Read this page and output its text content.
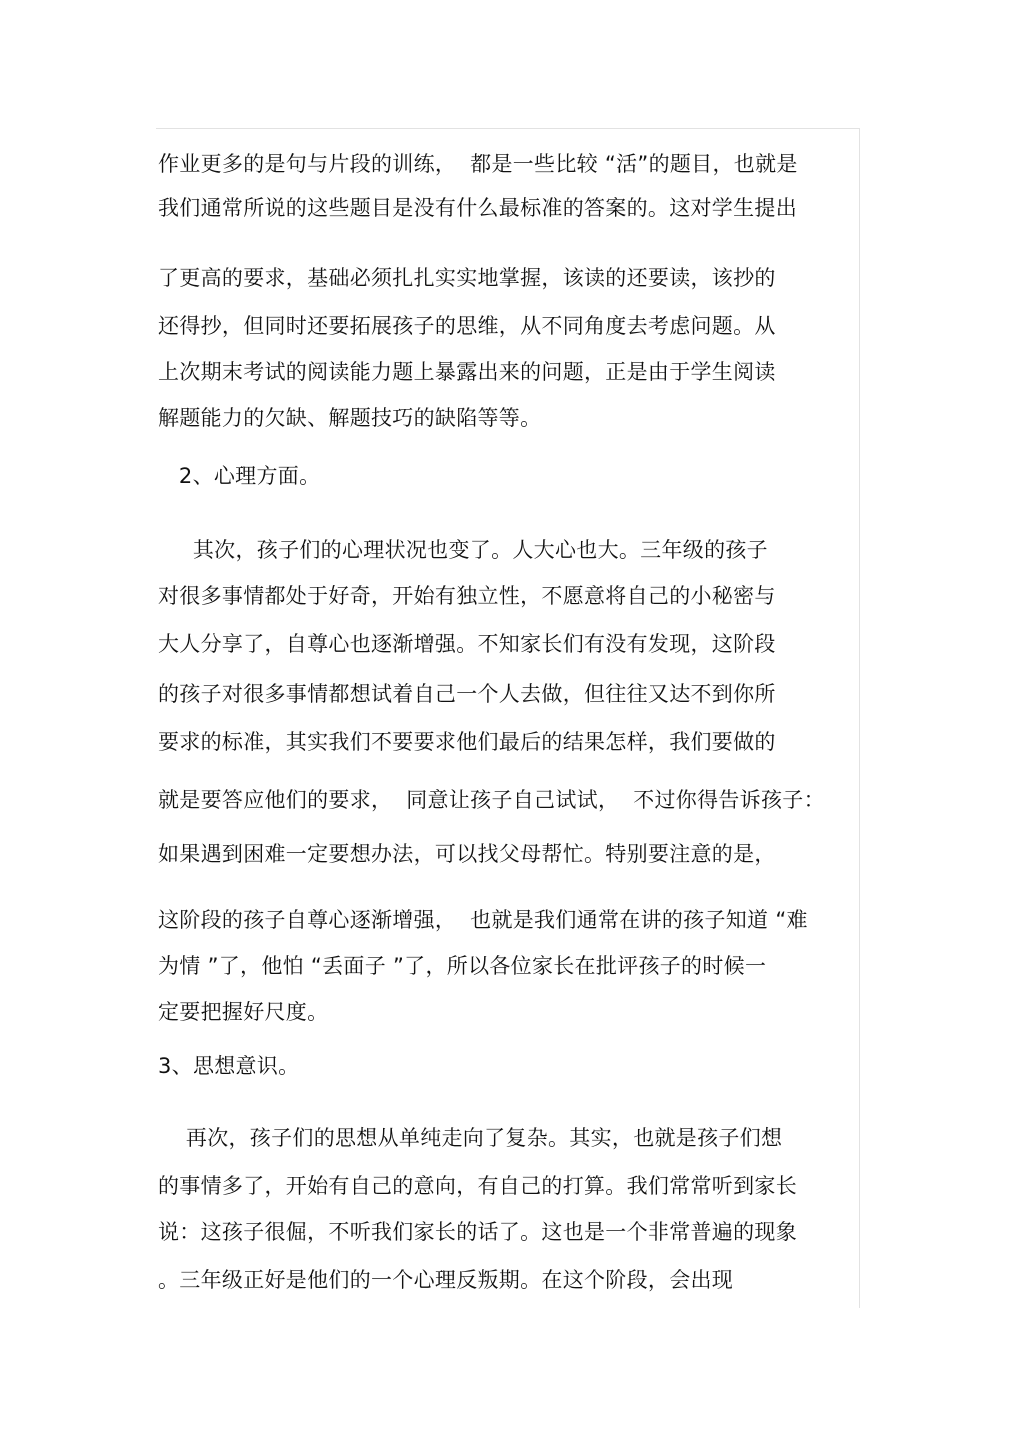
作业更多的是句与片段的训练，  都是一些比较 “活”的题目，也就是
我们通常所说的这些题目是没有什么最标准的答案的。这对学生提出
了更高的要求，基础必须扎扎实实地掌握，该读的还要读，该抄的
还得抄，但同时还要拓展孩子的思维，从不同角度去考虑问题。从
上次期末考试的阅读能力题上暴露出来的问题，正是由于学生阅读
解题能力的欠缺、解题技巧的缺陷等等。
2、心理方面。
其次，孩子们的心理状况也变了。人大心也大。三年级的孩子
对很多事情都处于好奇，开始有独立性，不愿意将自己的小秘密与
大人分享了，自尊心也逐渐增强。不知家长们有没有发现，这阶段
的孩子对很多事情都想试着自己一个人去做，但往往又达不到你所
要求的标准，其实我们不要要求他们最后的结果怎样，我们要做的
就是要答应他们的要求，  同意让孩子自己试试，  不过你得告诉孩子：
如果遇到困难一定要想办法，可以找父母帮忙。特别要注意的是，
这阶段的孩子自尊心逐渐增强，  也就是我们通常在讲的孩子知道 “难
为情 ”了，他怕 “丢面子 ”了，所以各位家长在批评孩子的时候一
定要把握好尺度。
3、思想意识。
再次，孩子们的思想从单纯走向了复杂。其实，也就是孩子们想
的事情多了，开始有自己的意向，有自己的打算。我们常常听到家长
说：这孩子很倔，不听我们家长的话了。这也是一个非常普遍的现象
。三年级正好是他们的一个心理反叛期。在这个阶段，会出现
